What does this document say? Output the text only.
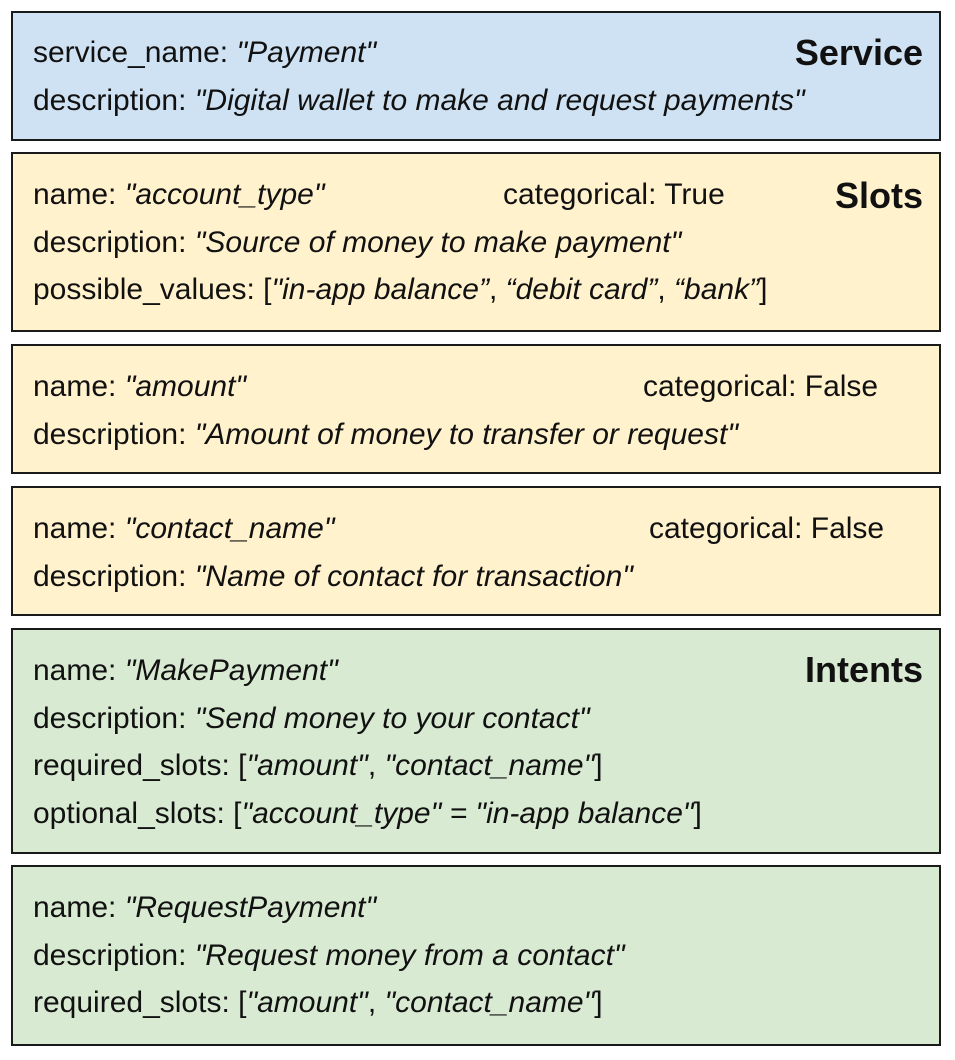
Service
service_name: "Payment"
description: "Digital wallet to make and request payments"
Slots
name: "account_type"	categorical: True
description: "Source of money to make payment"
possible_values: ["in-app balance”, “debit card”, “bank”]
name: "amount"	categorical: False
description: "Amount of money to transfer or request"
name: "contact_name"	categorical: False
description: "Name of contact for transaction"
Intents
name: "MakePayment"
description: "Send money to your contact"
required_slots: ["amount", "contact_name"]
optional_slots: ["account_type" = "in-app balance"]
name: "RequestPayment"
description: "Request money from a contact"
required_slots: ["amount", "contact_name"]
